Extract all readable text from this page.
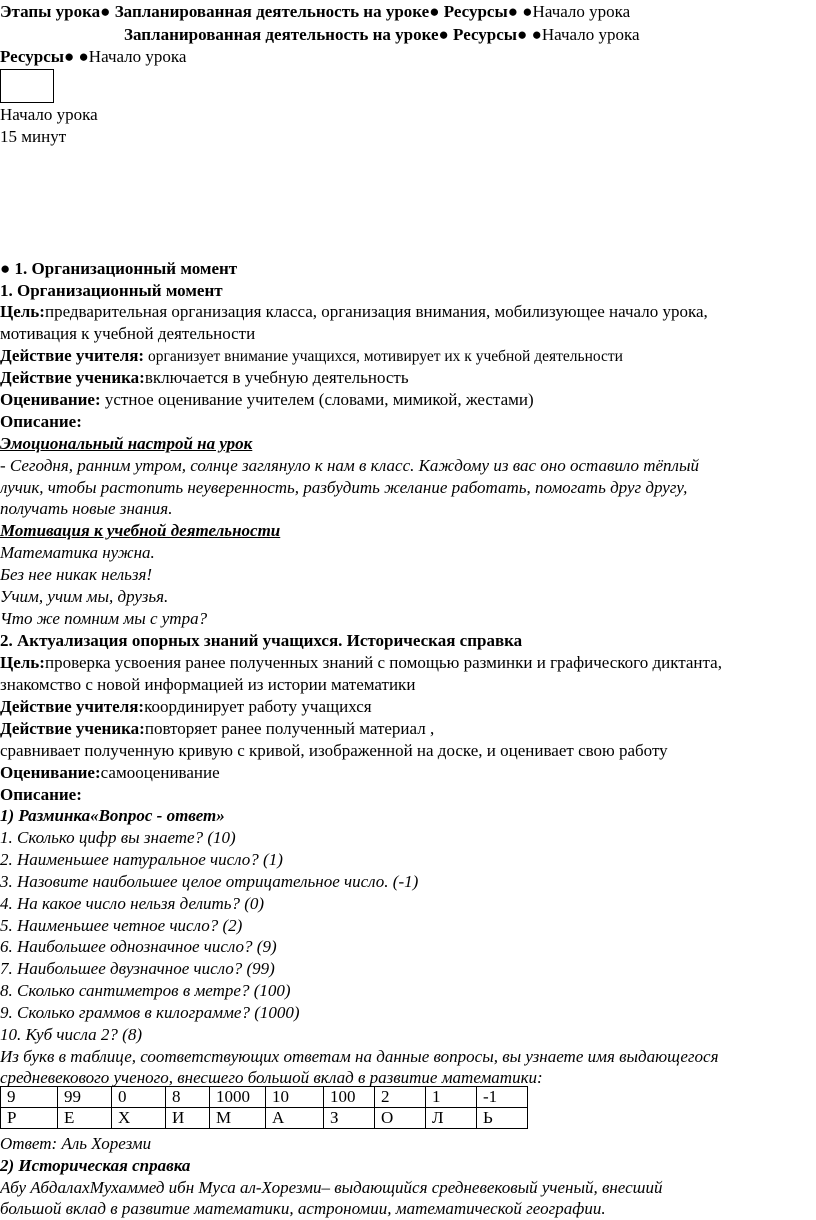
Этапы урока● Запланированная деятельность на уроке● Ресурсы● ●Начало урока
Запланированная деятельность на уроке● Ресурсы● ●Начало урока
Ресурсы● ●Начало урока
Начало урока
15 минут
● 1. Организационный момент
1. Организационный момент
Цель:предварительная организация класса, организация внимания, мобилизующее начало урока,
мотивация к учебной деятельности
Действие учителя: организует внимание учащихся, мотивирует их к учебной деятельности
Действие ученика:включается в учебную деятельность
Оценивание: устное оценивание учителем (словами, мимикой, жестами)
Описание:
Эмоциональный настрой на урок
- Сегодня, ранним утром, солнце заглянуло к нам в класс. Каждому из вас оно оставило тёплый
лучик, чтобы растопить неуверенность, разбудить желание работать, помогать друг другу,
получать новые знания.
Мотивация к учебной деятельности
Математика нужна.
Без нее никак нельзя!
Учим, учим мы, друзья.
Что же помним мы с утра?
2. Актуализация опорных знаний учащихся. Историческая справка
Цель:проверка усвоения ранее полученных знаний с помощью разминки и графического диктанта,
знакомство с новой информацией из истории математики
Действие учителя:координирует работу учащихся
Действие ученика:повторяет ранее полученный материал ,
сравнивает полученную кривую с кривой, изображенной на доске, и оценивает свою работу
Оценивание:самооценивание
Описание:
1) Разминка«Вопрос - ответ»
1. Сколько цифр вы знаете? (10)
2. Наименьшее натуральное число? (1)
3. Назовите наибольшее целое отрицательное число. (-1)
4. На какое число нельзя делить? (0)
5. Наименьшее четное число? (2)
6. Наибольшее однозначное число? (9)
7. Наибольшее двузначное число? (99)
8. Сколько сантиметров в метре? (100)
9. Сколько граммов в килограмме? (1000)
10. Куб числа 2? (8)
Из букв в таблице, соответствующих ответам на данные вопросы, вы узнаете имя выдающегося
средневекового ученого, внесшего большой вклад в развитие математики:
9	99	0	8	1000	10	100	2	1	-1
Р	Е	Х	И	М	А	З	О	Л	Ь
Ответ: Аль Хорезми
2) Историческая справка
Абу АбдалахМухаммед ибн Муса ал-Хорезми– выдающийся средневековый ученый, внесший
большой вклад в развитие математики, астрономии, математической географии.
